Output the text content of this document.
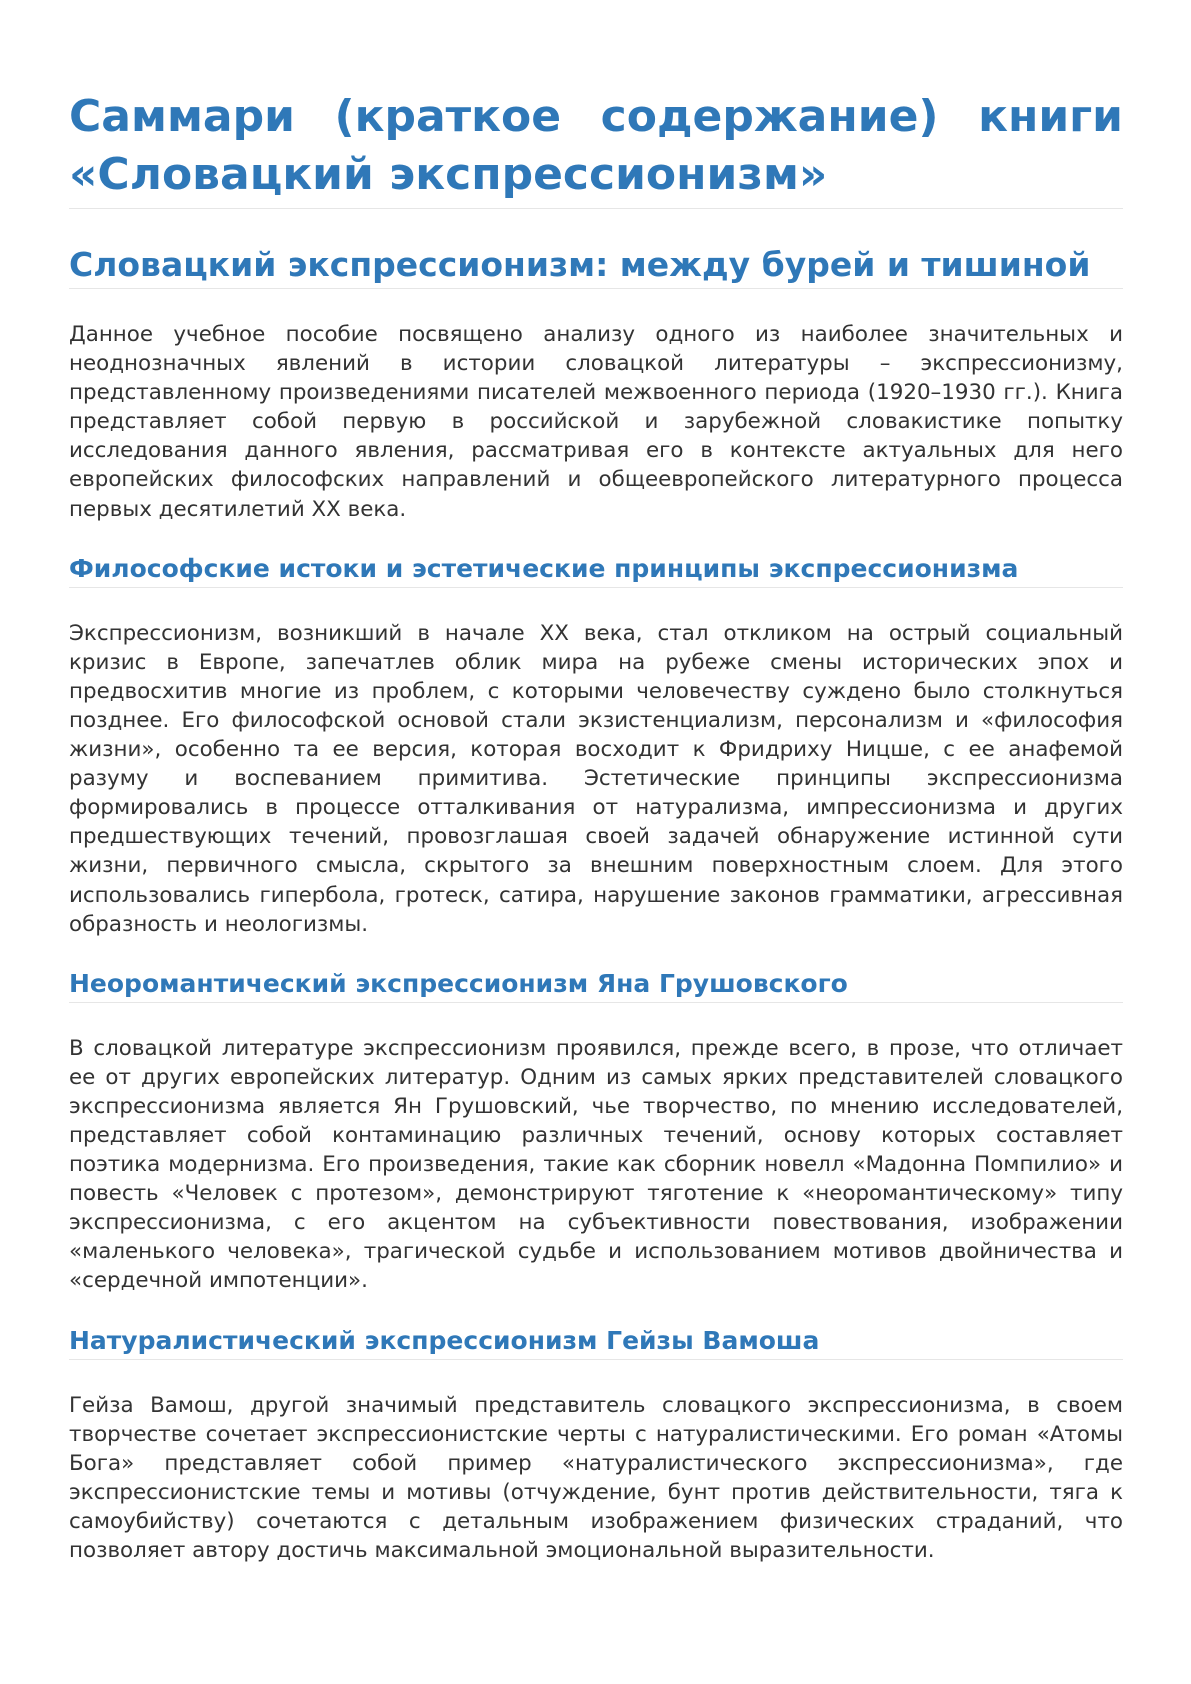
Саммари (краткое содержание) книги «Словацкий экспрессионизм»
Словацкий экспрессионизм: между бурей и тишиной

Данное учебное пособие посвящено анализу одного из наиболее значительных и неоднозначных явлений в истории словацкой литературы – экспрессионизму, представленному произведениями писателей межвоенного периода (1920–1930 гг.). Книга представляет собой первую в российской и зарубежной словакистике попытку исследования данного явления, рассматривая его в контексте актуальных для него европейских философских направлений и общеевропейского литературного процесса первых десятилетий XX века.

Философские истоки и эстетические принципы экспрессионизма

Экспрессионизм, возникший в начале XX века, стал откликом на острый социальный кризис в Европе, запечатлев облик мира на рубеже смены исторических эпох и предвосхитив многие из проблем, с которыми человечеству суждено было столкнуться позднее. Его философской основой стали экзистенциализм, персонализм и «философия жизни», особенно та ее версия, которая восходит к Фридриху Ницше, с ее анафемой разуму и воспеванием примитива. Эстетические принципы экспрессионизма формировались в процессе отталкивания от натурализма, импрессионизма и других предшествующих течений, провозглашая своей задачей обнаружение истинной сути жизни, первичного смысла, скрытого за внешним поверхностным слоем. Для этого использовались гипербола, гротеск, сатира, нарушение законов грамматики, агрессивная образность и неологизмы.

Неоромантический экспрессионизм Яна Грушовского

В словацкой литературе экспрессионизм проявился, прежде всего, в прозе, что отличает ее от других европейских литератур. Одним из самых ярких представителей словацкого экспрессионизма является Ян Грушовский, чье творчество, по мнению исследователей, представляет собой контаминацию различных течений, основу которых составляет поэтика модернизма. Его произведения, такие как сборник новелл «Мадонна Помпилио» и повесть «Человек с протезом», демонстрируют тяготение к «неоромантическому» типу экспрессионизма, с его акцентом на субъективности повествования, изображении «маленького человека», трагической судьбе и использованием мотивов двойничества и «сердечной импотенции».

Натуралистический экспрессионизм Гейзы Вамоша

Гейза Вамош, другой значимый представитель словацкого экспрессионизма, в своем творчестве сочетает экспрессионистские черты с натуралистическими. Его роман «Атомы Бога» представляет собой пример «натуралистического экспрессионизма», где экспрессионистские темы и мотивы (отчуждение, бунт против действительности, тяга к самоубийству) сочетаются с детальным изображением физических страданий, что позволяет автору достичь максимальной эмоциональной выразительности.
